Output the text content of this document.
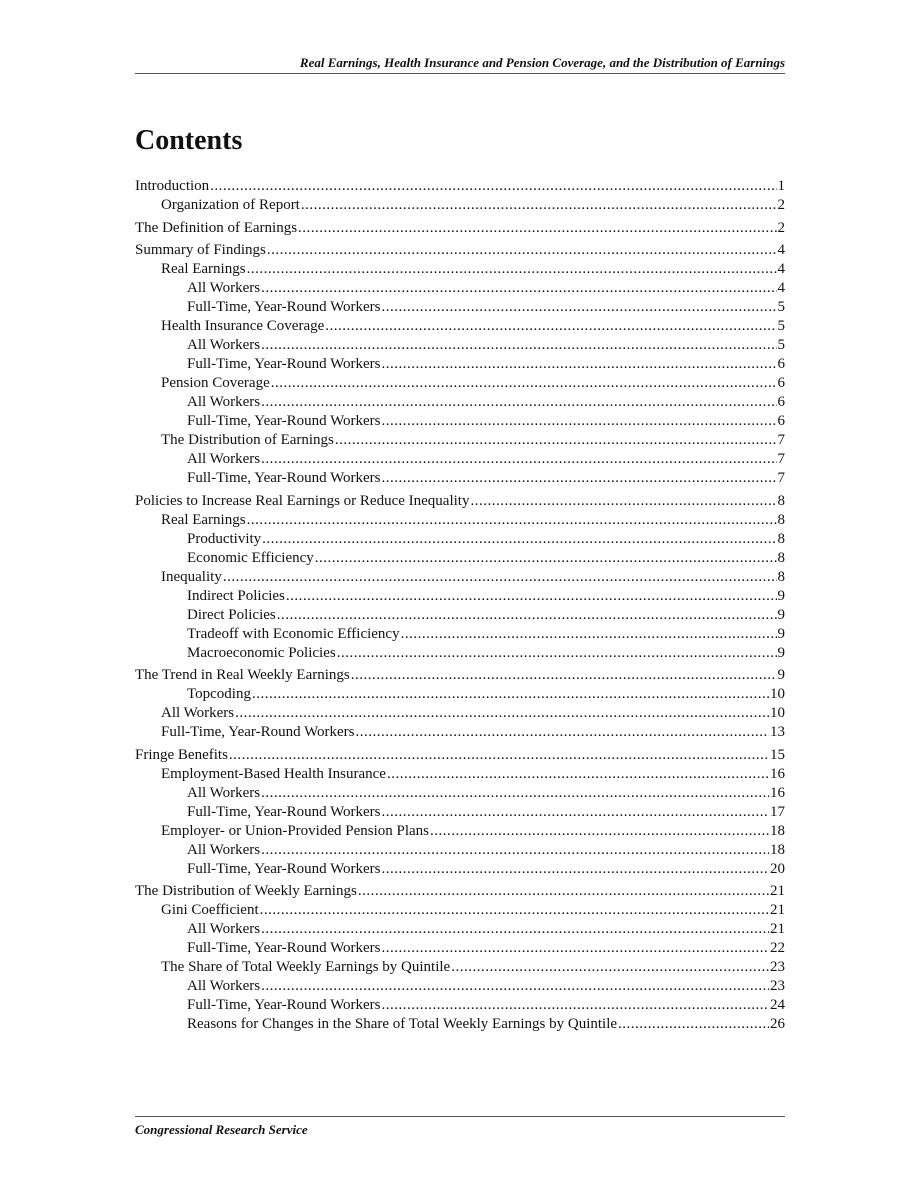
Real Earnings, Health Insurance and Pension Coverage, and the Distribution of Earnings
Contents
Introduction .....	1
Organization of Report .....	2
The Definition of Earnings .....	2
Summary of Findings .....	4
Real Earnings .....	4
All Workers .....	4
Full-Time, Year-Round Workers .....	5
Health Insurance Coverage .....	5
All Workers .....	5
Full-Time, Year-Round Workers .....	6
Pension Coverage .....	6
All Workers .....	6
Full-Time, Year-Round Workers .....	6
The Distribution of Earnings .....	7
All Workers .....	7
Full-Time, Year-Round Workers .....	7
Policies to Increase Real Earnings or Reduce Inequality .....	8
Real Earnings .....	8
Productivity .....	8
Economic Efficiency .....	8
Inequality .....	8
Indirect Policies .....	9
Direct Policies .....	9
Tradeoff with Economic Efficiency .....	9
Macroeconomic Policies .....	9
The Trend in Real Weekly Earnings .....	9
Topcoding .....	10
All Workers .....	10
Full-Time, Year-Round Workers .....	13
Fringe Benefits .....	15
Employment-Based Health Insurance .....	16
All Workers .....	16
Full-Time, Year-Round Workers .....	17
Employer- or Union-Provided Pension Plans .....	18
All Workers .....	18
Full-Time, Year-Round Workers .....	20
The Distribution of Weekly Earnings .....	21
Gini Coefficient .....	21
All Workers .....	21
Full-Time, Year-Round Workers .....	22
The Share of Total Weekly Earnings by Quintile .....	23
All Workers .....	23
Full-Time, Year-Round Workers .....	24
Reasons for Changes in the Share of Total Weekly Earnings by Quintile .....	26
Congressional Research Service
